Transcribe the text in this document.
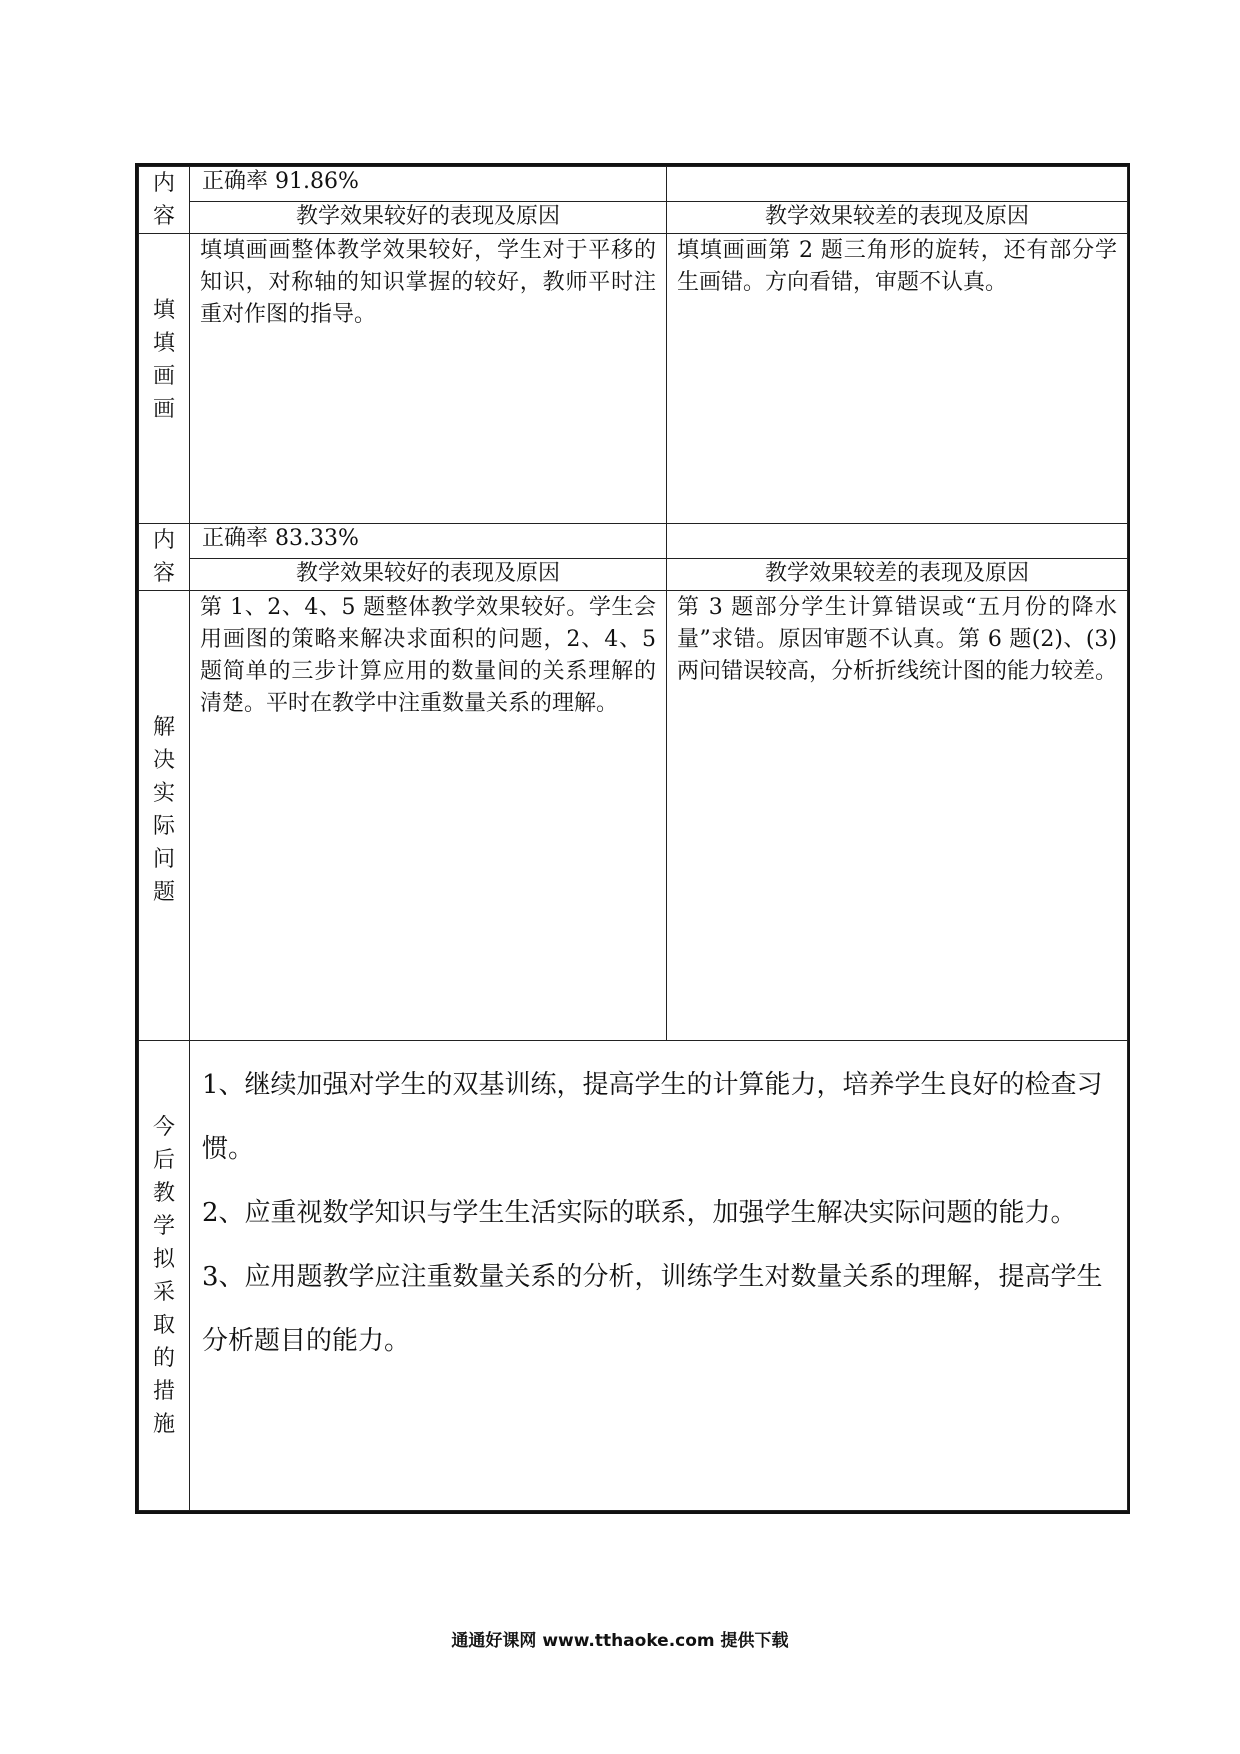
内容	正确率 91.86%	
	教学效果较好的表现及原因	教学效果较差的表现及原因

填填画画	填填画画整体教学效果较好，学生对于平移的知识，对称轴的知识掌握的较好，教师平时注重对作图的指导。	填填画画第 2 题三角形的旋转，还有部分学生画错。方向看错，审题不认真。

内容	正确率 83.33%	
	教学效果较好的表现及原因	教学效果较差的表现及原因

解决实际问题	第 1、2、4、5 题整体教学效果较好。学生会用画图的策略来解决求面积的问题，2、4、5 题简单的三步计算应用的数量间的关系理解的清楚。平时在教学中注重数量关系的理解。	第 3 题部分学生计算错误或“五月份的降水量”求错。原因审题不认真。第 6 题(2)、(3) 两问错误较高，分析折线统计图的能力较差。

今后教学拟采取的措施	1、继续加强对学生的双基训练，提高学生的计算能力，培养学生良好的检查习惯。
2、应重视数学知识与学生生活实际的联系，加强学生解决实际问题的能力。
3、应用题教学应注重数量关系的分析，训练学生对数量关系的理解，提高学生分析题目的能力。	
通通好课网 www.tthaoke.com 提供下载
